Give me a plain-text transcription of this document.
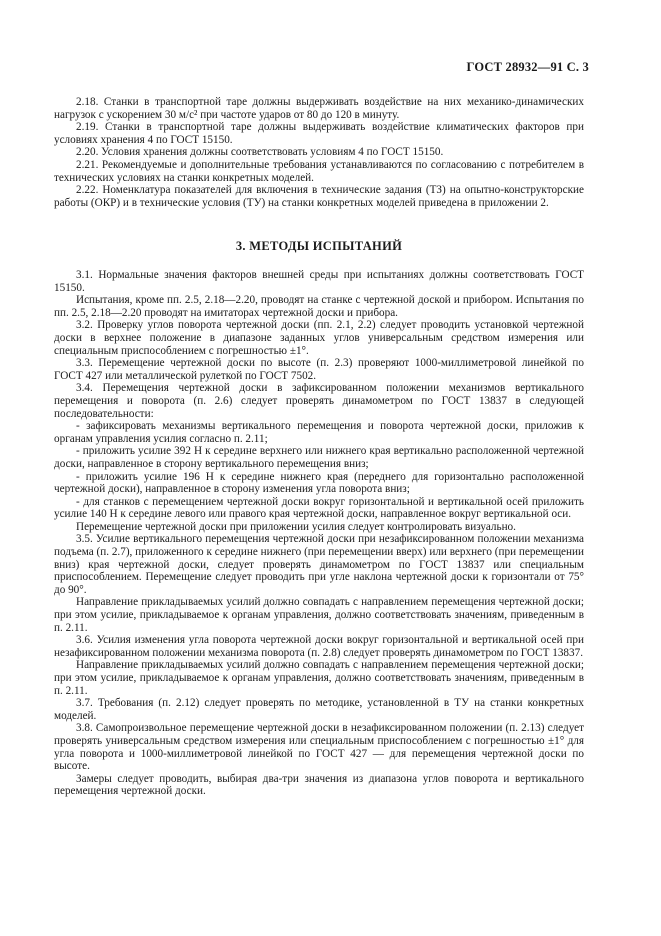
ГОСТ 28932—91 С. 3

2.18. Станки в транспортной таре должны выдерживать воздействие на них механико-динамических нагрузок с ускорением 30 м/с² при частоте ударов от 80 до 120 в минуту.

2.19. Станки в транспортной таре должны выдерживать воздействие климатических факторов при условиях хранения 4 по ГОСТ 15150.

2.20. Условия хранения должны соответствовать условиям 4 по ГОСТ 15150.

2.21. Рекомендуемые и дополнительные требования устанавливаются по согласованию с потребителем в технических условиях на станки конкретных моделей.

2.22. Номенклатура показателей для включения в технические задания (ТЗ) на опытно-конструкторские работы (ОКР) и в технические условия (ТУ) на станки конкретных моделей приведена в приложении 2.

3. МЕТОДЫ ИСПЫТАНИЙ

3.1. Нормальные значения факторов внешней среды при испытаниях должны соответствовать ГОСТ 15150.

Испытания, кроме пп. 2.5, 2.18—2.20, проводят на станке с чертежной доской и прибором. Испытания по пп. 2.5, 2.18—2.20 проводят на имитаторах чертежной доски и прибора.

3.2. Проверку углов поворота чертежной доски (пп. 2.1, 2.2) следует проводить установкой чертежной доски в верхнее положение в диапазоне заданных углов универсальным средством измерения или специальным приспособлением с погрешностью ±1°.

3.3. Перемещение чертежной доски по высоте (п. 2.3) проверяют 1000-миллиметровой линейкой по ГОСТ 427 или металлической рулеткой по ГОСТ 7502.

3.4. Перемещения чертежной доски в зафиксированном положении механизмов вертикального перемещения и поворота (п. 2.6) следует проверять динамометром по ГОСТ 13837 в следующей последовательности:

- зафиксировать механизмы вертикального перемещения и поворота чертежной доски, приложив к органам управления усилия согласно п. 2.11;

- приложить усилие 392 Н к середине верхнего или нижнего края вертикально расположенной чертежной доски, направленное в сторону вертикального перемещения вниз;

- приложить усилие 196 Н к середине нижнего края (переднего для горизонтально расположенной чертежной доски), направленное в сторону изменения угла поворота вниз;

- для станков с перемещением чертежной доски вокруг горизонтальной и вертикальной осей приложить усилие 140 Н к середине левого или правого края чертежной доски, направленное вокруг вертикальной оси.

Перемещение чертежной доски при приложении усилия следует контролировать визуально.

3.5. Усилие вертикального перемещения чертежной доски при незафиксированном положении механизма подъема (п. 2.7), приложенного к середине нижнего (при перемещении вверх) или верхнего (при перемещении вниз) края чертежной доски, следует проверять динамометром по ГОСТ 13837 или специальным приспособлением. Перемещение следует проводить при угле наклона чертежной доски к горизонтали от 75° до 90°.

Направление прикладываемых усилий должно совпадать с направлением перемещения чертежной доски; при этом усилие, прикладываемое к органам управления, должно соответствовать значениям, приведенным в п. 2.11.

3.6. Усилия изменения угла поворота чертежной доски вокруг горизонтальной и вертикальной осей при незафиксированном положении механизма поворота (п. 2.8) следует проверять динамометром по ГОСТ 13837.

Направление прикладываемых усилий должно совпадать с направлением перемещения чертежной доски; при этом усилие, прикладываемое к органам управления, должно соответствовать значениям, приведенным в п. 2.11.

3.7. Требования (п. 2.12) следует проверять по методике, установленной в ТУ на станки конкретных моделей.

3.8. Самопроизвольное перемещение чертежной доски в незафиксированном положении (п. 2.13) следует проверять универсальным средством измерения или специальным приспособлением с погрешностью ±1° для угла поворота и 1000-миллиметровой линейкой по ГОСТ 427 — для перемещения чертежной доски по высоте.

Замеры следует проводить, выбирая два-три значения из диапазона углов поворота и вертикального перемещения чертежной доски.
